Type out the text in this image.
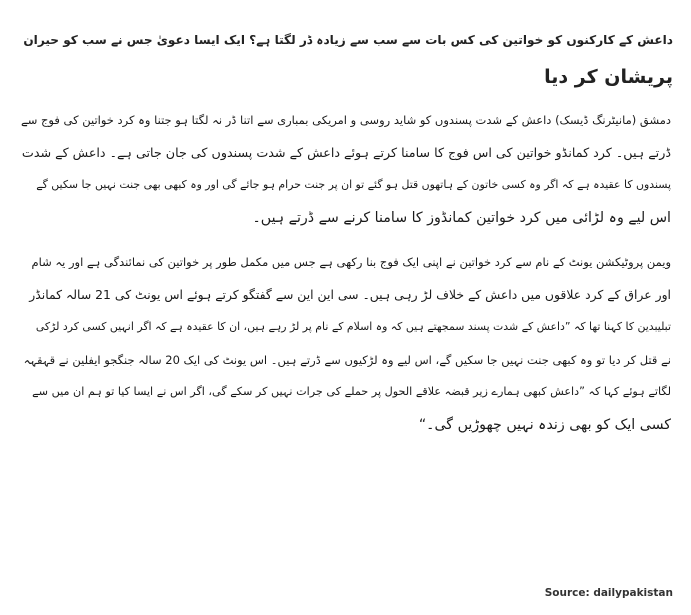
داعش کے کارکنوں کو خواتین کی کس بات سے سب سے زیادہ ڈر لگتا ہے؟ ایک ایسا دعویٰ جس نے سب کو حیران
پریشان کر دیا
دمشق (مانیٹرنگ ڈیسک) داعش کے شدت پسندوں کو شاید روسی و امریکی بمباری سے اتنا ڈر نہ لگتا ہو جتنا وہ کرد خواتین کی فوج سے
ڈرتے ہیں۔ کرد کمانڈو خواتین کی اس فوج کا سامنا کرتے ہوئے داعش کے شدت پسندوں کی جان جاتی ہے۔ داعش کے شدت
پسندوں کا عقیدہ ہے کہ اگر وہ کسی خاتون کے ہاتھوں قتل ہو گئے تو ان پر جنت حرام ہو جائے گی اور وہ کبھی بھی جنت نہیں جا سکیں گے
اس لیے وہ لڑائی میں کرد خواتین کمانڈوز کا سامنا کرنے سے ڈرتے ہیں۔
ویمن پروٹیکشن یونٹ کے نام سے کرد خواتین نے اپنی ایک فوج بنا رکھی ہے جس میں مکمل طور پر خواتین کی نمائندگی ہے اور یہ شام
اور عراق کے کرد علاقوں میں داعش کے خلاف لڑ رہی ہیں۔ سی این این سے گفتگو کرتے ہوئے اس یونٹ کی 21 سالہ کمانڈر
تبلیبدین کا کہنا تھا کہ ”داعش کے شدت پسند سمجھتے ہیں کہ وہ اسلام کے نام پر لڑ رہے ہیں، ان کا عقیدہ ہے کہ اگر انہیں کسی کرد لڑکی
نے قتل کر دیا تو وہ کبھی جنت نہیں جا سکیں گے، اس لیے وہ لڑکیوں سے ڈرتے ہیں۔ اس یونٹ کی ایک 20 سالہ جنگجو ایفلین نے قہقہہ
لگاتے ہوئے کہا کہ ”داعش کبھی ہمارے زیر قبضہ علاقے الحول پر حملے کی جرات نہیں کر سکے گی، اگر اس نے ایسا کیا تو ہم ان میں سے
کسی ایک کو بھی زندہ نہیں چھوڑیں گی۔“
Source: dailypakistan
